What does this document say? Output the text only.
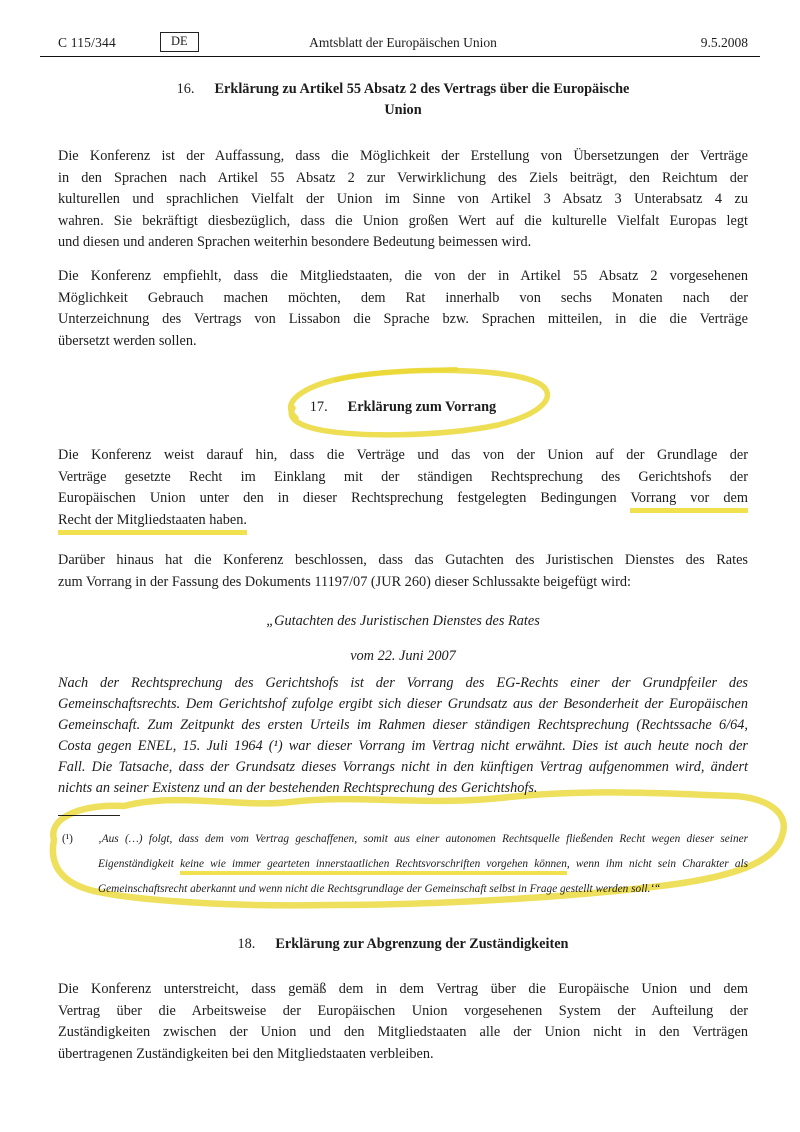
C 115/344	DE	Amtsblatt der Europäischen Union	9.5.2008
16. Erklärung zu Artikel 55 Absatz 2 des Vertrags über die Europäische
Union
Die Konferenz ist der Auffassung, dass die Möglichkeit der Erstellung von Übersetzungen der Verträge
in den Sprachen nach Artikel 55 Absatz 2 zur Verwirklichung des Ziels beiträgt, den Reichtum der
kulturellen und sprachlichen Vielfalt der Union im Sinne von Artikel 3 Absatz 3 Unterabsatz 4 zu
wahren. Sie bekräftigt diesbezüglich, dass die Union großen Wert auf die kulturelle Vielfalt Europas legt
und diesen und anderen Sprachen weiterhin besondere Bedeutung beimessen wird.
Die Konferenz empfiehlt, dass die Mitgliedstaaten, die von der in Artikel 55 Absatz 2 vorgesehenen
Möglichkeit Gebrauch machen möchten, dem Rat innerhalb von sechs Monaten nach der
Unterzeichnung des Vertrags von Lissabon die Sprache bzw. Sprachen mitteilen, in die die Verträge
übersetzt werden sollen.
17. Erklärung zum Vorrang
Die Konferenz weist darauf hin, dass die Verträge und das von der Union auf der Grundlage der
Verträge gesetzte Recht im Einklang mit der ständigen Rechtsprechung des Gerichtshofs der
Europäischen Union unter den in dieser Rechtsprechung festgelegten Bedingungen Vorrang vor dem
Recht der Mitgliedstaaten haben.
Darüber hinaus hat die Konferenz beschlossen, dass das Gutachten des Juristischen Dienstes des Rates
zum Vorrang in der Fassung des Dokuments 11197/07 (JUR 260) dieser Schlussakte beigefügt wird:
„Gutachten des Juristischen Dienstes des Rates
vom 22. Juni 2007
Nach der Rechtsprechung des Gerichtshofs ist der Vorrang des EG-Rechts einer der Grundpfeiler des
Gemeinschaftsrechts. Dem Gerichtshof zufolge ergibt sich dieser Grundsatz aus der Besonderheit der Europäischen
Gemeinschaft. Zum Zeitpunkt des ersten Urteils im Rahmen dieser ständigen Rechtsprechung (Rechtssache 6/64,
Costa gegen ENEL, 15. Juli 1964 (¹) war dieser Vorrang im Vertrag nicht erwähnt. Dies ist auch heute noch der
Fall. Die Tatsache, dass der Grundsatz dieses Vorrangs nicht in den künftigen Vertrag aufgenommen wird, ändert
nichts an seiner Existenz und an der bestehenden Rechtsprechung des Gerichtshofs.
(¹) ‚Aus (…) folgt, dass dem vom Vertrag geschaffenen, somit aus einer autonomen Rechtsquelle fließenden Recht wegen dieser seiner
Eigenständigkeit keine wie immer gearteten innerstaatlichen Rechtsvorschriften vorgehen können, wenn ihm nicht sein Charakter als
Gemeinschaftsrecht aberkannt und wenn nicht die Rechtsgrundlage der Gemeinschaft selbst in Frage gestellt werden soll.‘“
18. Erklärung zur Abgrenzung der Zuständigkeiten
Die Konferenz unterstreicht, dass gemäß dem in dem Vertrag über die Europäische Union und dem
Vertrag über die Arbeitsweise der Europäischen Union vorgesehenen System der Aufteilung der
Zuständigkeiten zwischen der Union und den Mitgliedstaaten alle der Union nicht in den Verträgen
übertragenen Zuständigkeiten bei den Mitgliedstaaten verbleiben.
